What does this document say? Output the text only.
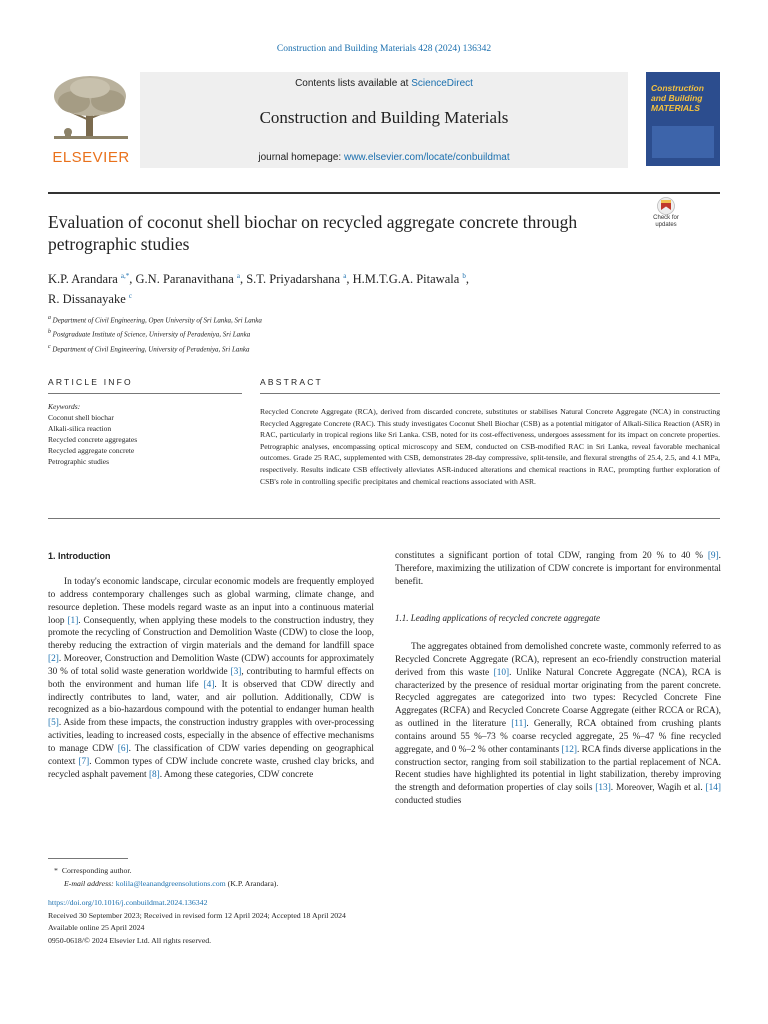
Construction and Building Materials 428 (2024) 136342
ELSEVIER
Contents lists available at ScienceDirect
Construction and Building Materials
journal homepage: www.elsevier.com/locate/conbuildmat
Construction
and Building
MATERIALS
Evaluation of coconut shell biochar on recycled aggregate concrete through petrographic studies
Check for
updates
K.P. Arandara $^{a,*}$, G.N. Paranavithana $^a$, S.T. Priyadarshana $^a$, H.M.T.G.A. Pitawala $^b$,
R. Dissanayake $^c$
$^a$ Department of Civil Engineering, Open University of Sri Lanka, Sri Lanka
$^b$ Postgraduate Institute of Science, University of Peradeniya, Sri Lanka
$^c$ Department of Civil Engineering, University of Peradeniya, Sri Lanka
ARTICLE INFO	ABSTRACT
Keywords:
Coconut shell biochar
Alkali-silica reaction
Recycled concrete aggregates
Recycled aggregate concrete
Petrographic studies
Recycled Concrete Aggregate (RCA), derived from discarded concrete, substitutes or stabilises Natural Concrete Aggregate (NCA) in constructing Recycled Aggregate Concrete (RAC). This study investigates Coconut Shell Biochar (CSB) as a potential mitigator of Alkali-Silica Reaction (ASR) in RAC, particularly in tropical regions like Sri Lanka. CSB, noted for its cost-effectiveness, undergoes assessment for its impact on concrete properties. Petrographic analyses, encompassing optical microscopy and SEM, conducted on CSB-modified RAC in Sri Lanka, reveal favorable mechanical outcomes. Grade 25 RAC, supplemented with CSB, demonstrates 28-day compressive, split-tensile, and flexural strengths of 25.4, 2.5, and 4.1 MPa, respectively. Results indicate CSB effectively alleviates ASR-induced alterations and chemical reactions in RAC, prompting further exploration of CSB's role in controlling specific precipitates and chemical reactions associated with ASR.
1. Introduction

In today's economic landscape, circular economic models are frequently employed to address contemporary challenges such as global warming, climate change, and resource depletion. These models regard waste as an input into a continuous material loop [1]. Consequently, when applying these models to the construction industry, they promote the recycling of Construction and Demolition Waste (CDW) to close the loop, thereby reducing the extraction of virgin materials and the demand for landfill space [2]. Moreover, Construction and Demolition Waste (CDW) accounts for approximately 30 % of total solid waste generation worldwide [3], contributing to harmful effects on both the environment and human life [4]. It is observed that CDW directly and indirectly contributes to land, water, and air pollution. Additionally, CDW is recognized as a bio-hazardous compound with the potential to endanger human health [5]. Aside from these impacts, the construction industry grapples with over-processing activities, leading to increased costs, especially in the absence of effective mechanisms to manage CDW [6]. The classification of CDW varies depending on geographical context [7]. Common types of CDW include concrete waste, crushed clay bricks, and recycled asphalt pavement [8]. Among these categories, CDW concrete

constitutes a significant portion of total CDW, ranging from 20 % to 40 % [9]. Therefore, maximizing the utilization of CDW concrete is important for environmental benefit.

1.1. Leading applications of recycled concrete aggregate

The aggregates obtained from demolished concrete waste, commonly referred to as Recycled Concrete Aggregate (RCA), represent an eco-friendly construction material derived from this waste [10]. Unlike Natural Concrete Aggregate (NCA), RCA is characterized by the presence of residual mortar originating from the parent concrete. Recycled aggregates are categorized into two types: Recycled Concrete Fine Aggregates (RCFA) and Recycled Concrete Coarse Aggregate (either RCCA or RCA), as outlined in the literature [11]. Generally, RCA obtained from crushing plants contains around 55 %–73 % coarse recycled aggregate, 25 %–47 % fine recycled aggregate, and 0 %–2 % other contaminants [12]. RCA finds diverse applications in the construction sector, ranging from soil stabilization to the partial replacement of NCA. Recent studies have highlighted its potential in light stabilization, thereby improving the strength and deformation properties of clay soils [13]. Moreover, Wagih et al. [14] conducted studies

* Corresponding author.
E-mail address: kolila@leanandgreensolutions.com (K.P. Arandara).
https://doi.org/10.1016/j.conbuildmat.2024.136342
Received 30 September 2023; Received in revised form 12 April 2024; Accepted 18 April 2024
Available online 25 April 2024
0950-0618/© 2024 Elsevier Ltd. All rights reserved.
